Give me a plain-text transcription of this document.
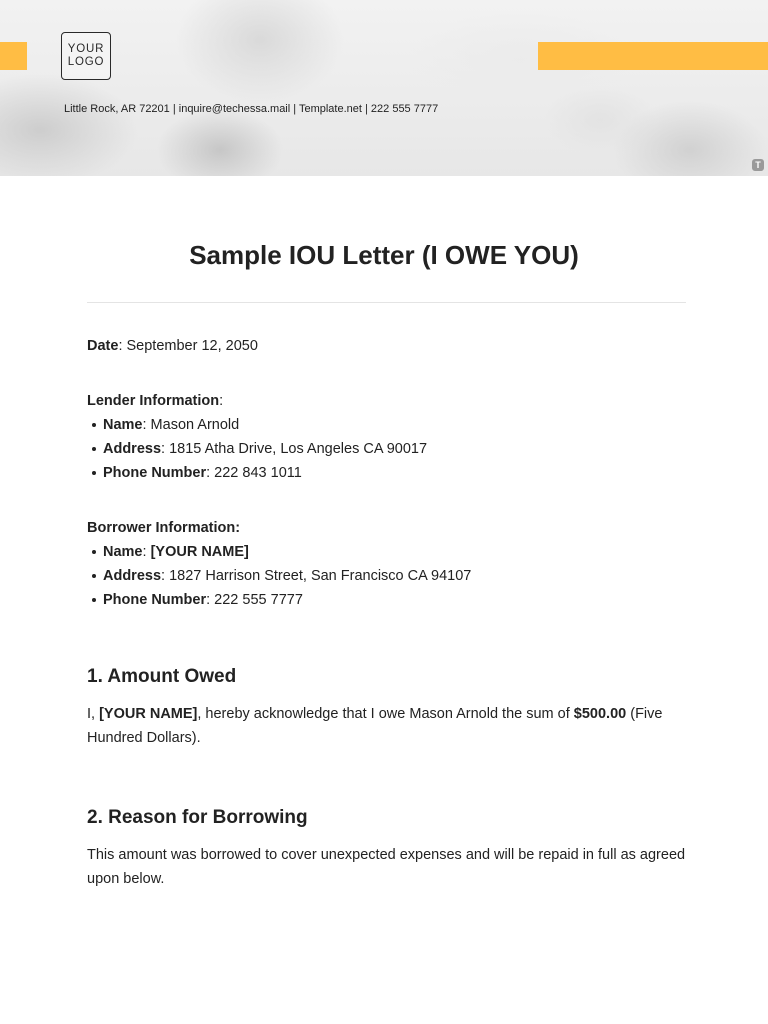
YOUR
LOGO
Little Rock, AR 72201 | inquire@techessa.mail | Template.net | 222 555 7777
T
Sample IOU Letter (I OWE YOU)

Date: September 12, 2050

Lender Information:

Name: Mason Arnold
Address: 1815 Atha Drive, Los Angeles CA 90017
Phone Number: 222 843 1011

Borrower Information:

Name: [YOUR NAME]
Address: 1827 Harrison Street, San Francisco CA 94107
Phone Number: 222 555 7777
1. Amount Owed

I, [YOUR NAME], hereby acknowledge that I owe Mason Arnold the sum of $500.00 (Five Hundred Dollars).

2. Reason for Borrowing

This amount was borrowed to cover unexpected expenses and will be repaid in full as agreed upon below.
